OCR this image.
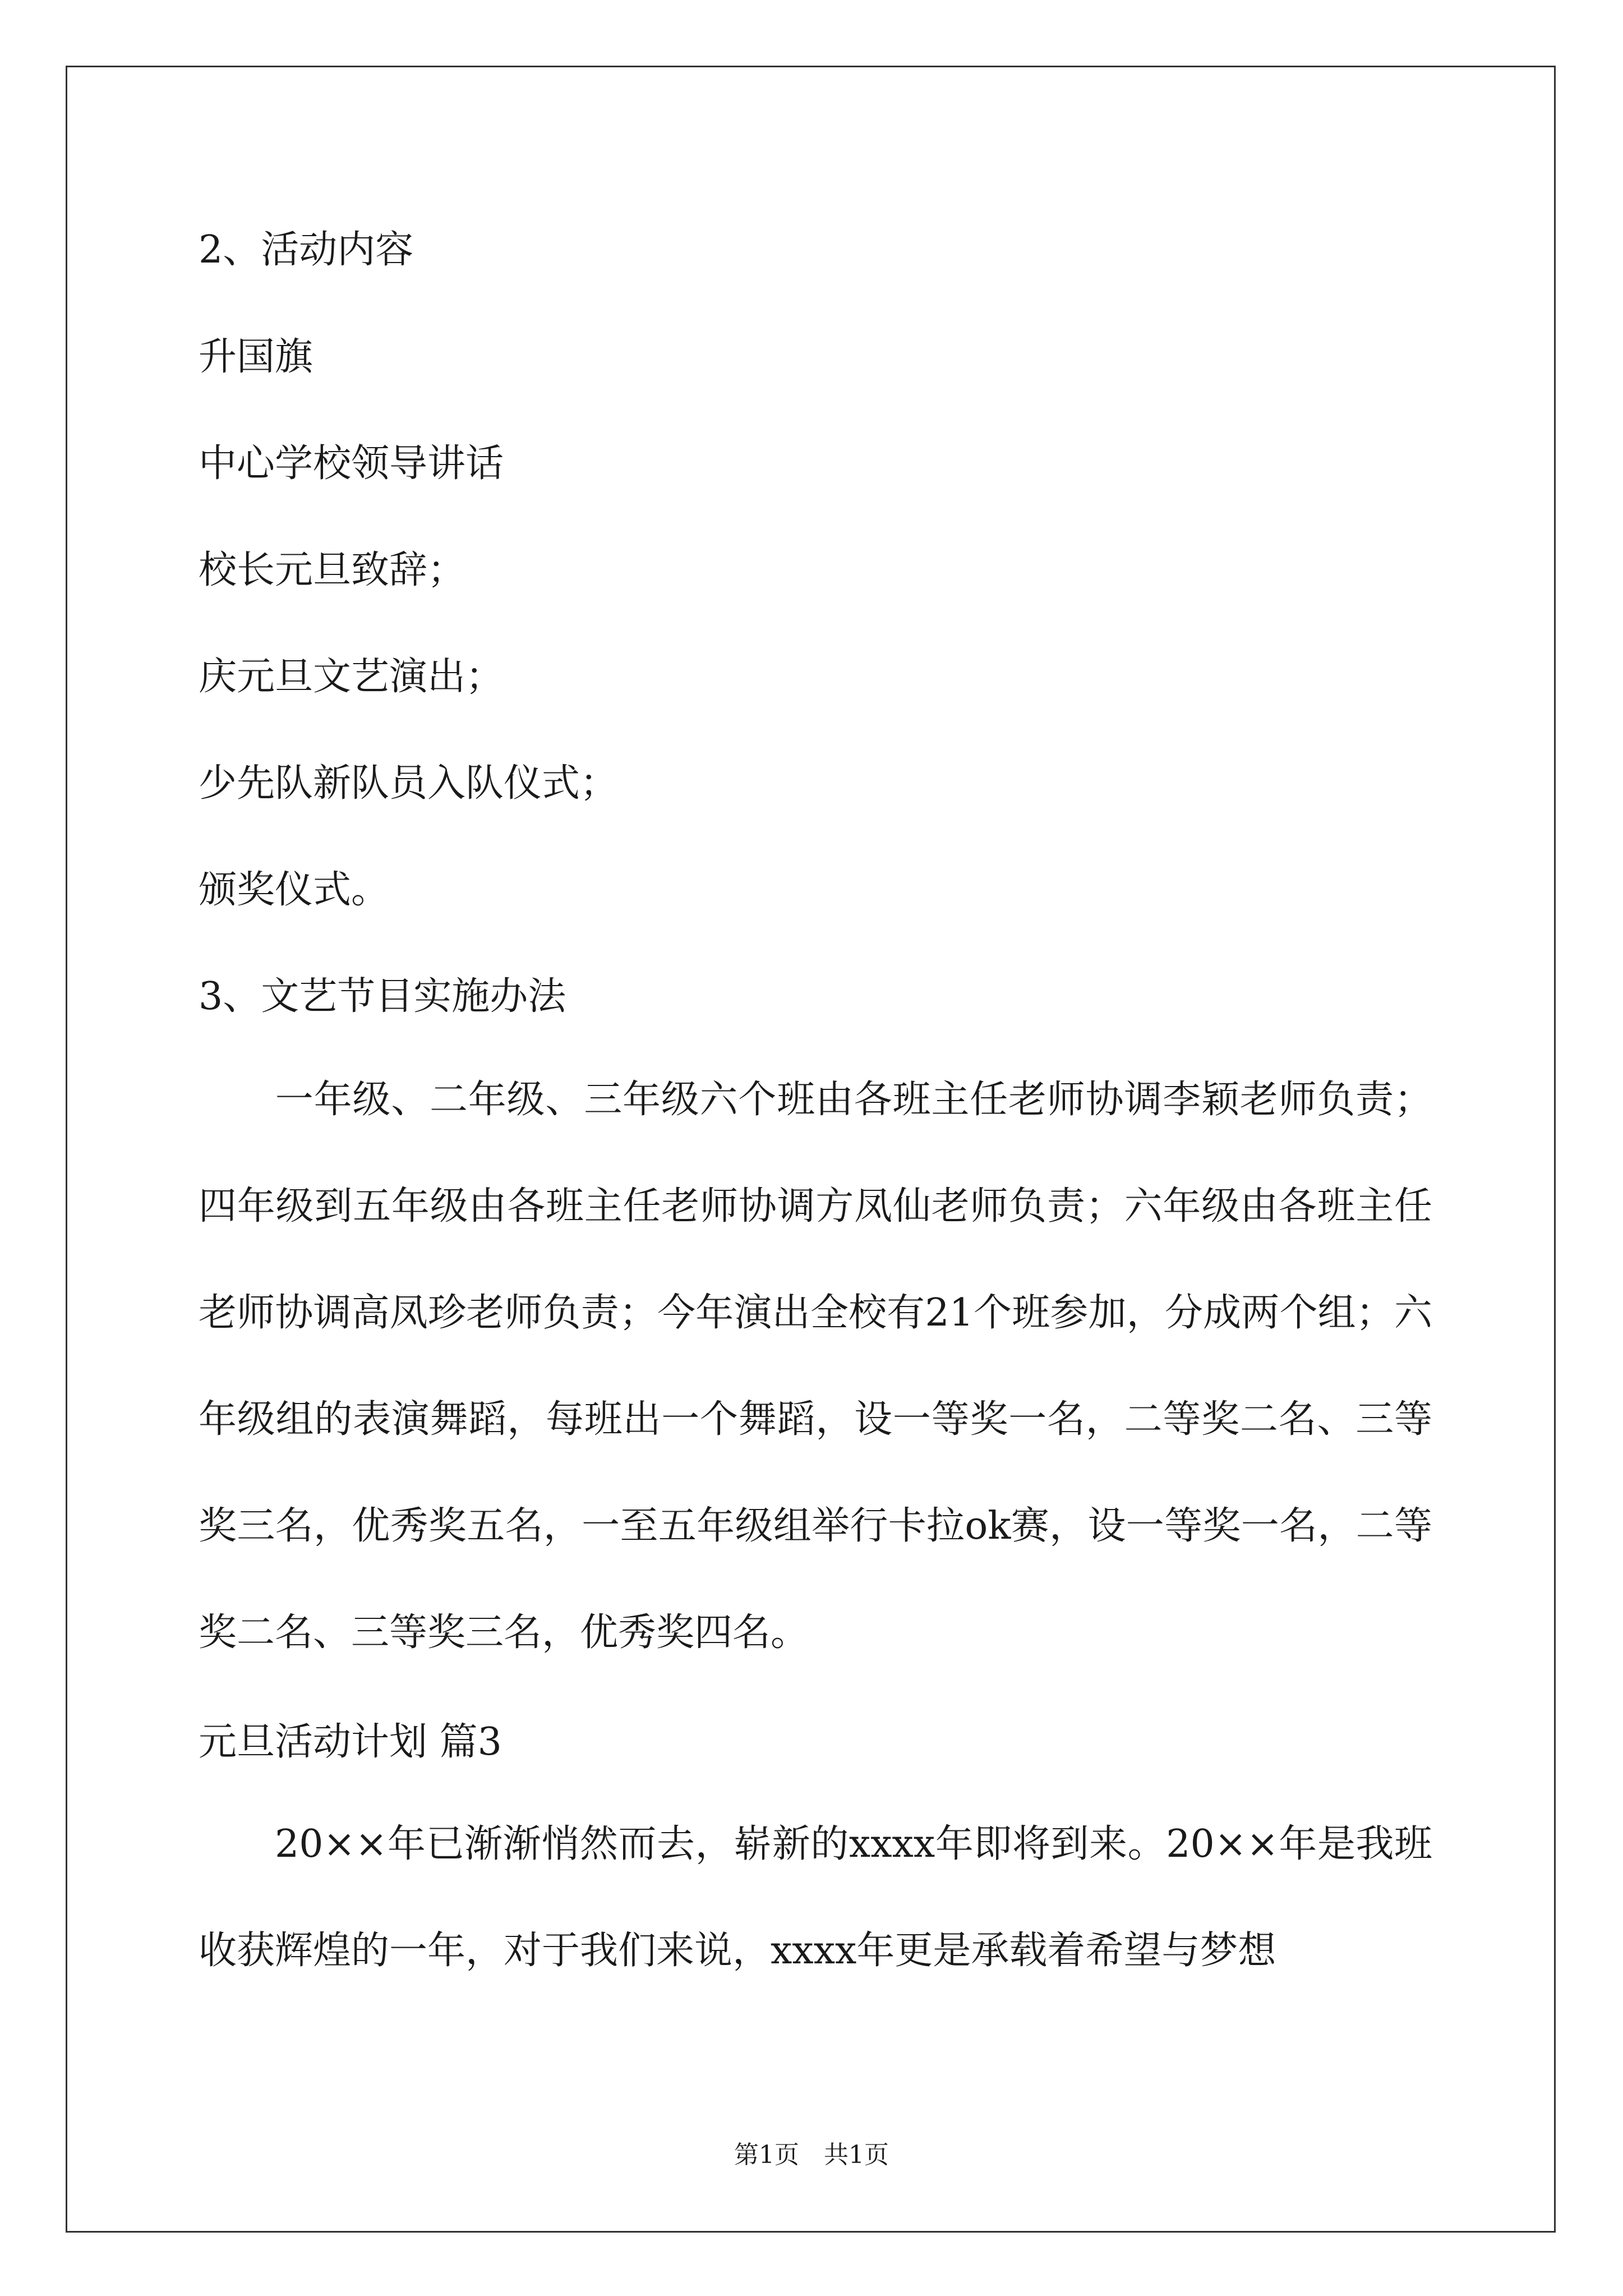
2、活动内容
升国旗
中心学校领导讲话
校长元旦致辞；
庆元旦文艺演出；
少先队新队员入队仪式；
颁奖仪式。
3、文艺节目实施办法
一年级、二年级、三年级六个班由各班主任老师协调李颖老师负责；四年级到五年级由各班主任老师协调方凤仙老师负责；六年级由各班主任老师协调高凤珍老师负责；今年演出全校有21个班参加，分成两个组；六年级组的表演舞蹈，每班出一个舞蹈，设一等奖一名，二等奖二名、三等奖三名，优秀奖五名，一至五年级组举行卡拉ok赛，设一等奖一名，二等奖二名、三等奖三名，优秀奖四名。
元旦活动计划 篇3
20××年已渐渐悄然而去，崭新的xxxx年即将到来。20××年是我班收获辉煌的一年，对于我们来说，xxxx年更是承载着希望与梦想
第1页　共1页
